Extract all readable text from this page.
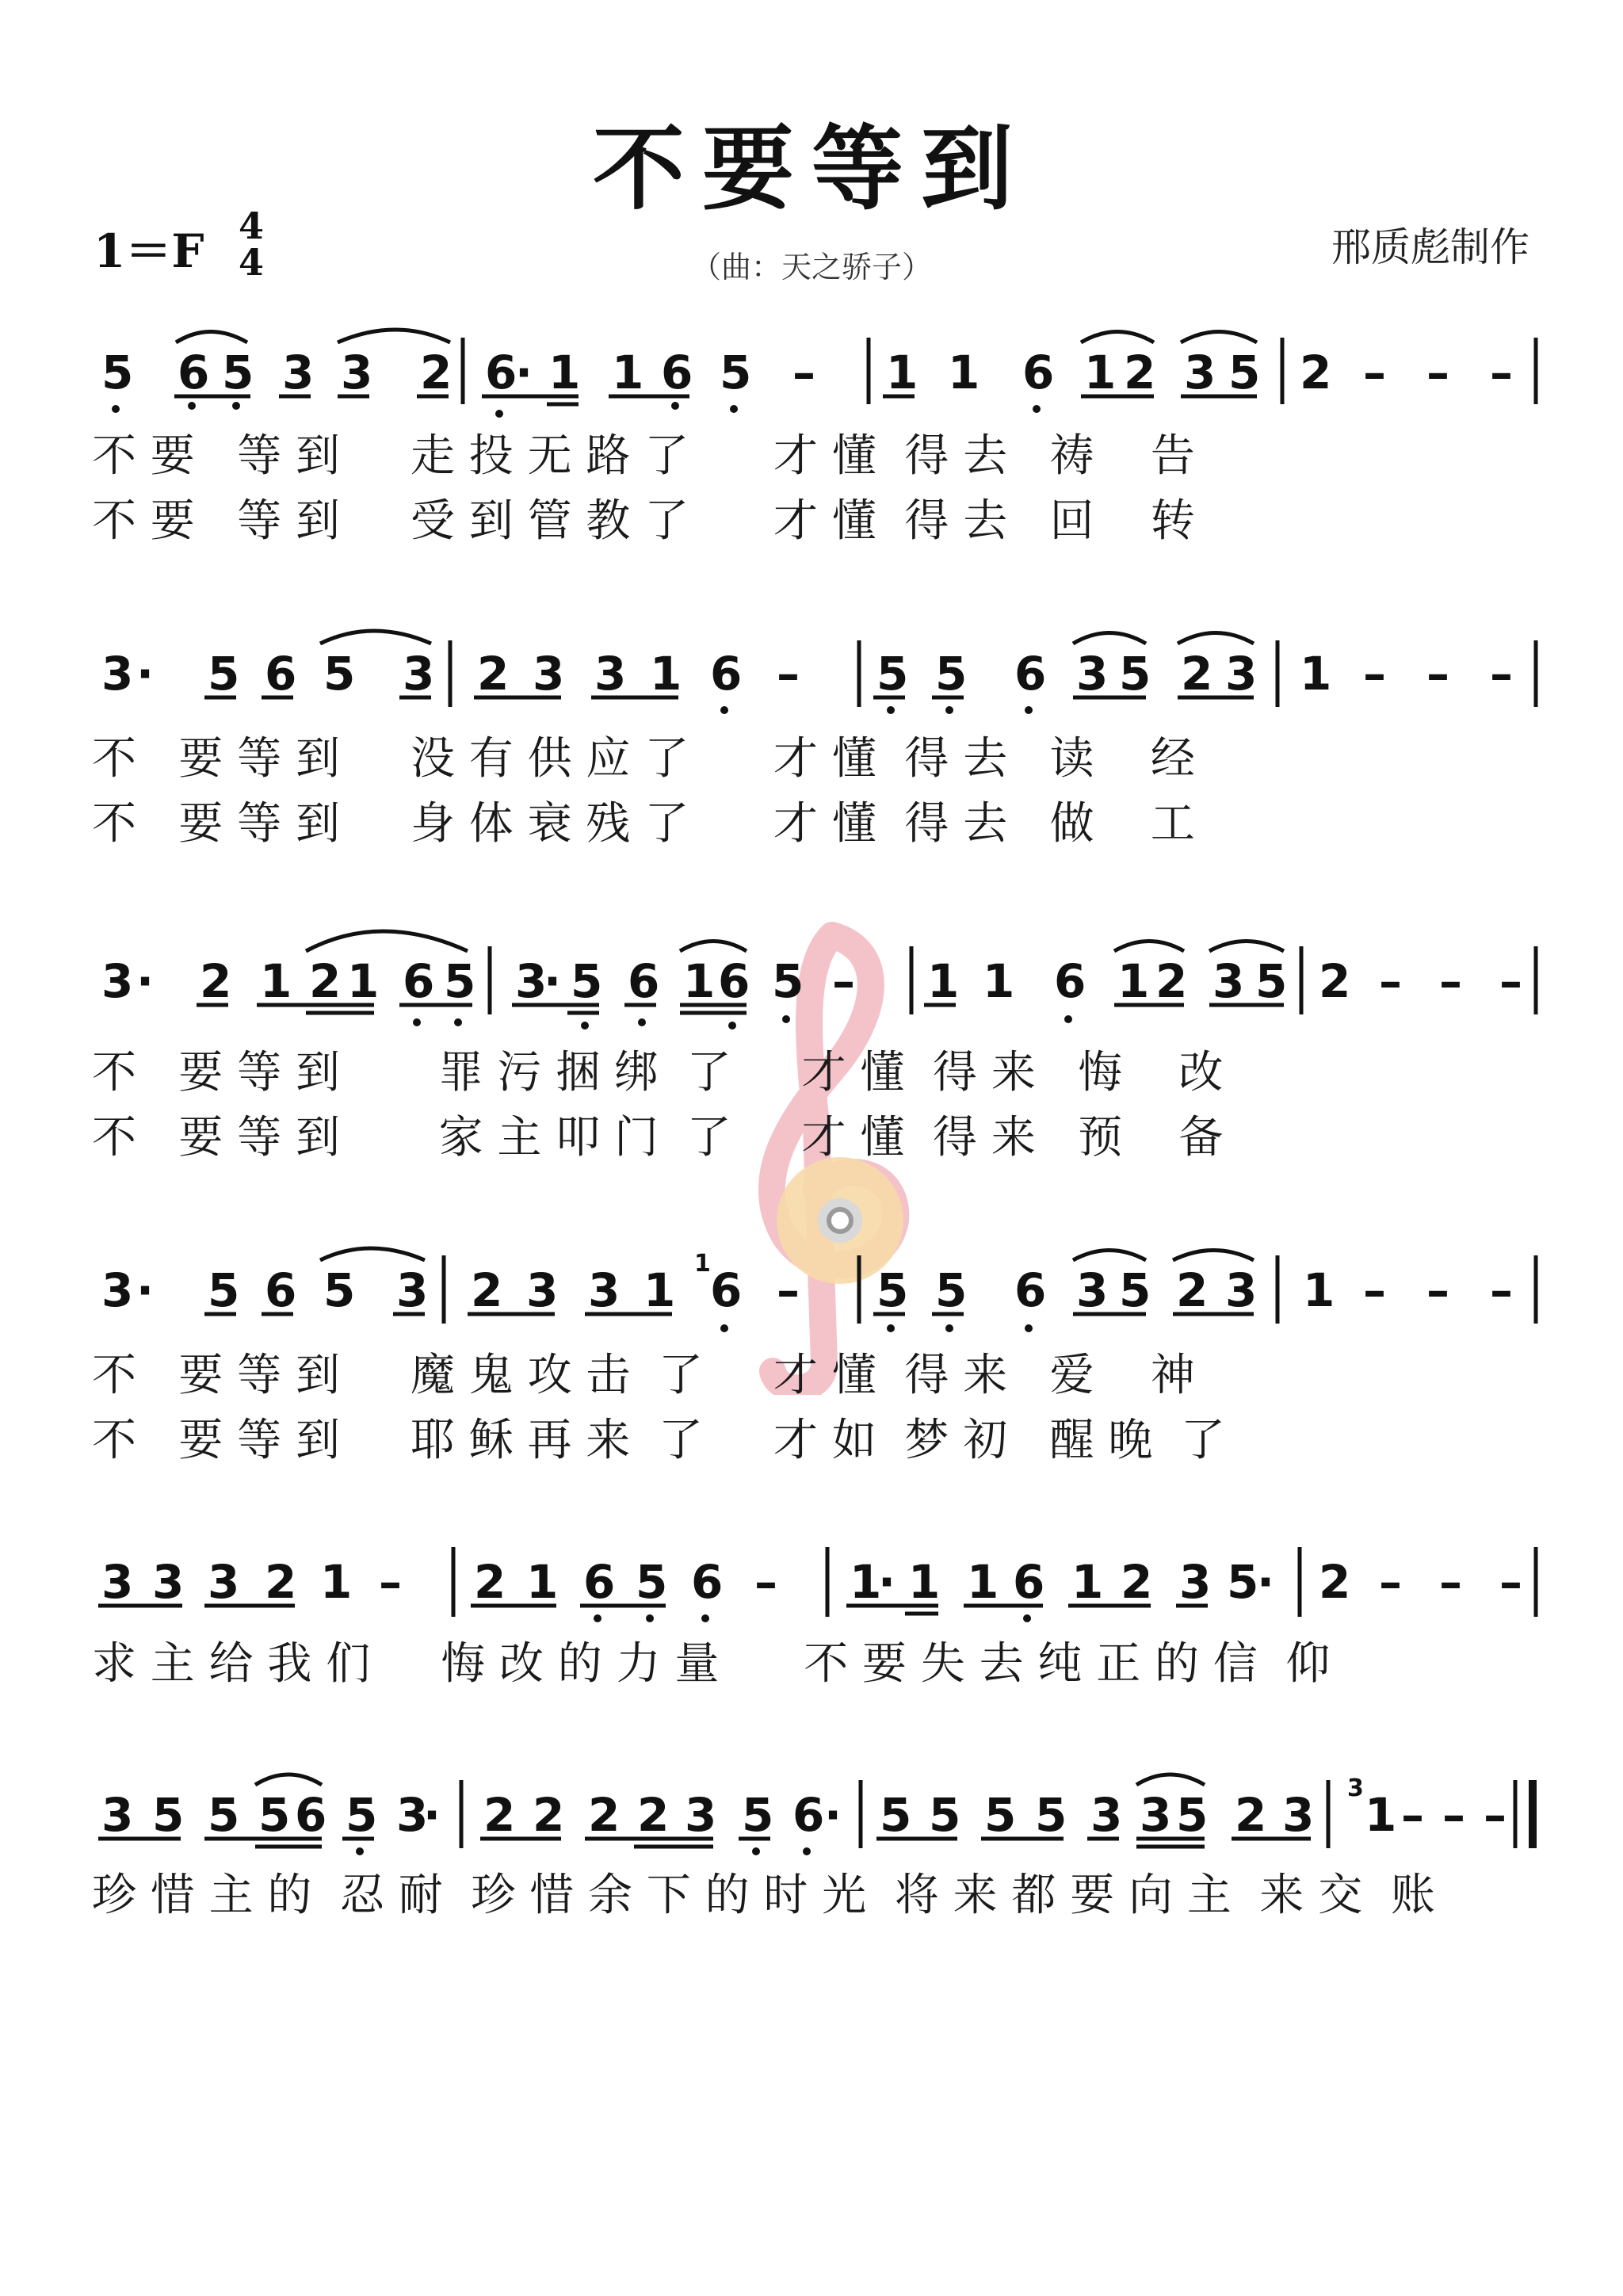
不要等到
1＝F 4
4	（曲：天之骄子）	邢质彪制作
5 6 5 3 3 2 6
· 1 1 6 5 – 1 1 6 1 2 3 5 2 – – –
3 · 5 6 5 3 2 3 3 1 6 – 5 5 6 3 5 2 3 1 – – –
3 · 2 1 2 1 6 5 3
· 5 6 1 6 5 – 1 1 6 1 2 3 5 2 – – –
3 · 5 6 5 3 2 3 3 1 6 – 5 5 6 3 5 2 3 1 – – –
1
3 3 3 2 1 – 2 1 6 5 6 – 1
· 1 1 6 1 2 3 5
· 2 – – –
3 5 5 5 6 5 3
· 2 2 2 2 3 5 6 · 5 5 5 5 3 3 5 2 3 1 – – –
3
不 要   等 到     走 投 无 路 了      才 懂  得 去   祷    告
不 要   等 到     受 到 管 教 了      才 懂  得 去   回    转
不   要 等 到     没 有 供 应 了      才 懂  得 去   读    经
不   要 等 到     身 体 衰 残 了      才 懂  得 去   做    工
不   要 等 到       罪 污 捆 绑  了     才 懂  得 来   悔    改
不   要 等 到       家 主 叩 门  了     才 懂  得 来   预    备
不   要 等 到     魔 鬼 攻 击  了     才 懂  得 来   爱    神
不   要 等 到     耶 稣 再 来  了     才 如  梦 初   醒 晚  了
求 主 给 我 们     悔 改 的 力 量      不 要 失 去 纯 正 的 信  仰
珍 惜 主 的  忍 耐  珍 惜 余 下 的 时 光  将 来 都 要 向 主  来 交  账
